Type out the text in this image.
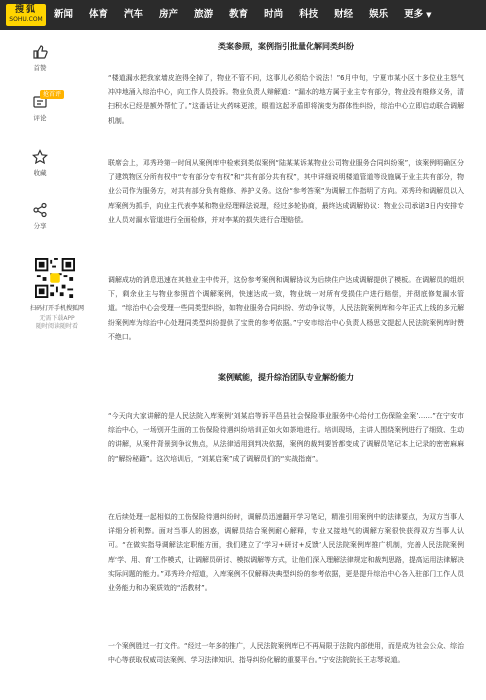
搜狐
SOHU.COM	新闻 体育 汽车 房产 旅游 教育 时尚 科技 财经 娱乐 更多 ▼
首赞
抢首评
评论
收藏
分享
扫码打开手机搜狐网
无需下载APP
随时阅读随时看

类案参照，案例指引批量化解同类纠纷

“楼道漏水把我家墙皮泡得全掉了，物业不管不问，这事儿必须给个说法！”6月中旬，宁夏市某小区十多位业主怒气冲冲地涌入综治中心，向工作人员投诉。物业负责人辩解道：“漏水的地方属于业主专有部分，物业没有维修义务，清扫积水已经是额外帮忙了。”这番话让火药味更浓，眼看这起矛盾即将演变为群体性纠纷，综治中心立即启动联合调解机制。

联席会上，邓秀玲第一时间从案例库中检索到类似案例“陆某某诉某物业公司物业服务合同纠纷案”，该案例明确区分了建筑物区分所有权中“专有部分专有权”和“共有部分共有权”，其中详细说明楼道管道等设施属于业主共有部分，物业公司作为服务方，对共有部分负有维修、养护义务。这份“参考答案”为调解工作指明了方向。邓秀玲和调解员以入库案例为抓手，向业主代表李某和物业经理释法说理，经过多轮协商，最终达成调解协议：物业公司承诺3日内安排专业人员对漏水管道进行全面检修，并对李某的损失进行合理赔偿。

调解成功的消息迅速在其他业主中传开，这份参考案例和调解协议为后续住户达成调解提供了模板。在调解员的组织下，剩余业主与物业参照首个调解案例，快速达成一致，物业统一对所有受损住户进行赔偿，并彻底修复漏水管道。“综治中心会受理一些同类型纠纷，如物业服务合同纠纷、劳动争议等，人民法院案例库和今年正式上线的多元解纷案例库为综治中心处理同类型纠纷提供了宝贵的参考依据。”宁安市综治中心负责人杨思文提起人民法院案例库时赞不绝口。

案例赋能，提升综治团队专业解纷能力

“今天向大家讲解的是人民法院入库案例‘刘某启等诉平邑县社会保险事业服务中心给付工伤保险金案’……”在宁安市综治中心，一场别开生面的工伤保险待遇纠纷培训正如火如荼地进行。培训现场，主讲人围绕案例进行了细致、生动的讲解，从案件背景到争议焦点，从法律适用到判决依据，案例的裁判要旨都变成了调解员笔记本上记录的密密麻麻的“解纷秘籍”。这次培训后，“刘某启案”成了调解员们的“实战指南”。

在后续处理一起相似的工伤保险待遇纠纷时，调解员迅速翻开学习笔记，精准引用案例中的法律要点，为双方当事人详细分析利弊。面对当事人的困惑，调解员结合案例耐心解释，专业又接地气的调解方案很快获得双方当事人认可。“在做实指导调解法定职能方面，我们建立了‘学习+研讨+反馈’人民法院案例库推广机制，完善人民法院案例库‘学、用、育’工作模式，让调解员研讨、模拟调解等方式，让他们深入理解法律规定和裁判思路，提高运用法律解决实际问题的能力。”邓秀玲介绍道，入库案例不仅解释决典型纠纷的参考依据，更是提升综治中心各入驻部门工作人员业务能力和办案质效的“活教材”。

一个案例胜过一打文件。“经过一年多的推广，人民法院案例库已不再局限于法院内部使用，而是成为社会公众、综治中心等获取权威司法案例、学习法律知识、指导纠纷化解的重要平台。”宁安法院院长王志琴说道。
